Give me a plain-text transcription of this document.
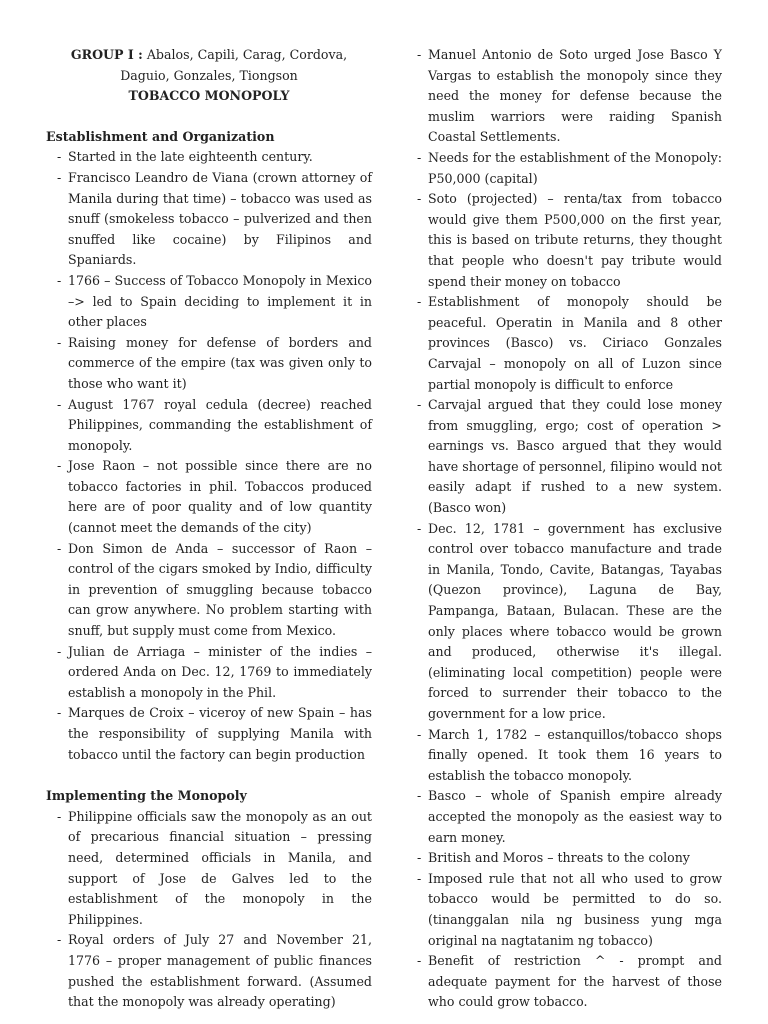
GROUP I : Abalos, Capili, Carag, Cordova, Daguio, Gonzales, Tiongson
TOBACCO MONOPOLY
Establishment and Organization
- Started in the late eighteenth century.
- Francisco Leandro de Viana (crown attorney of Manila during that time) – tobacco was used as snuff (smokeless tobacco – pulverized and then snuffed like cocaine) by Filipinos and Spaniards.
- 1766 – Success of Tobacco Monopoly in Mexico –> led to Spain deciding to implement it in other places
- Raising money for defense of borders and commerce of the empire (tax was given only to those who want it)
- August 1767 royal cedula (decree) reached Philippines, commanding the establishment of monopoly.
- Jose Raon – not possible since there are no tobacco factories in phil. Tobaccos produced here are of poor quality and of low quantity (cannot meet the demands of the city)
- Don Simon de Anda – successor of Raon – control of the cigars smoked by Indio, difficulty in prevention of smuggling because tobacco can grow anywhere. No problem starting with snuff, but supply must come from Mexico.
- Julian de Arriaga – minister of the indies – ordered Anda on Dec. 12, 1769 to immediately establish a monopoly in the Phil.
- Marques de Croix – viceroy of new Spain – has the responsibility of supplying Manila with tobacco until the factory can begin production
Implementing the Monopoly
- Philippine officials saw the monopoly as an out of precarious financial situation – pressing need, determined officials in Manila, and support of Jose de Galves led to the establishment of the monopoly in the Philippines.
- Royal orders of July 27 and November 21, 1776 – proper management of public finances pushed the establishment forward. (Assumed that the monopoly was already operating)
- Manuel Antonio de Soto urged Jose Basco Y Vargas to establish the monopoly since they need the money for defense because the muslim warriors were raiding Spanish Coastal Settlements.
- Needs for the establishment of the Monopoly: P50,000 (capital)
- Soto (projected) – renta/tax from tobacco would give them P500,000 on the first year, this is based on tribute returns, they thought that people who doesn't pay tribute would spend their money on tobacco
- Establishment of monopoly should be peaceful. Operatin in Manila and 8 other provinces (Basco) vs. Ciriaco Gonzales Carvajal – monopoly on all of Luzon since partial monopoly is difficult to enforce
- Carvajal argued that they could lose money from smuggling, ergo; cost of operation > earnings vs. Basco argued that they would have shortage of personnel, filipino would not easily adapt if rushed to a new system. (Basco won)
- Dec. 12, 1781 – government has exclusive control over tobacco manufacture and trade in Manila, Tondo, Cavite, Batangas, Tayabas (Quezon province), Laguna de Bay, Pampanga, Bataan, Bulacan. These are the only places where tobacco would be grown and produced, otherwise it's illegal. (eliminating local competition) people were forced to surrender their tobacco to the government for a low price.
- March 1, 1782 – estanquillos/tobacco shops finally opened. It took them 16 years to establish the tobacco monopoly.
- Basco – whole of Spanish empire already accepted the monopoly as the easiest way to earn money.
- British and Moros – threats to the colony
- Imposed rule that not all who used to grow tobacco would be permitted to do so. (tinanggalan nila ng business yung mga original na nagtatanim ng tobacco)
- Benefit of restriction ^ - prompt and adequate payment for the harvest of those who could grow tobacco.
